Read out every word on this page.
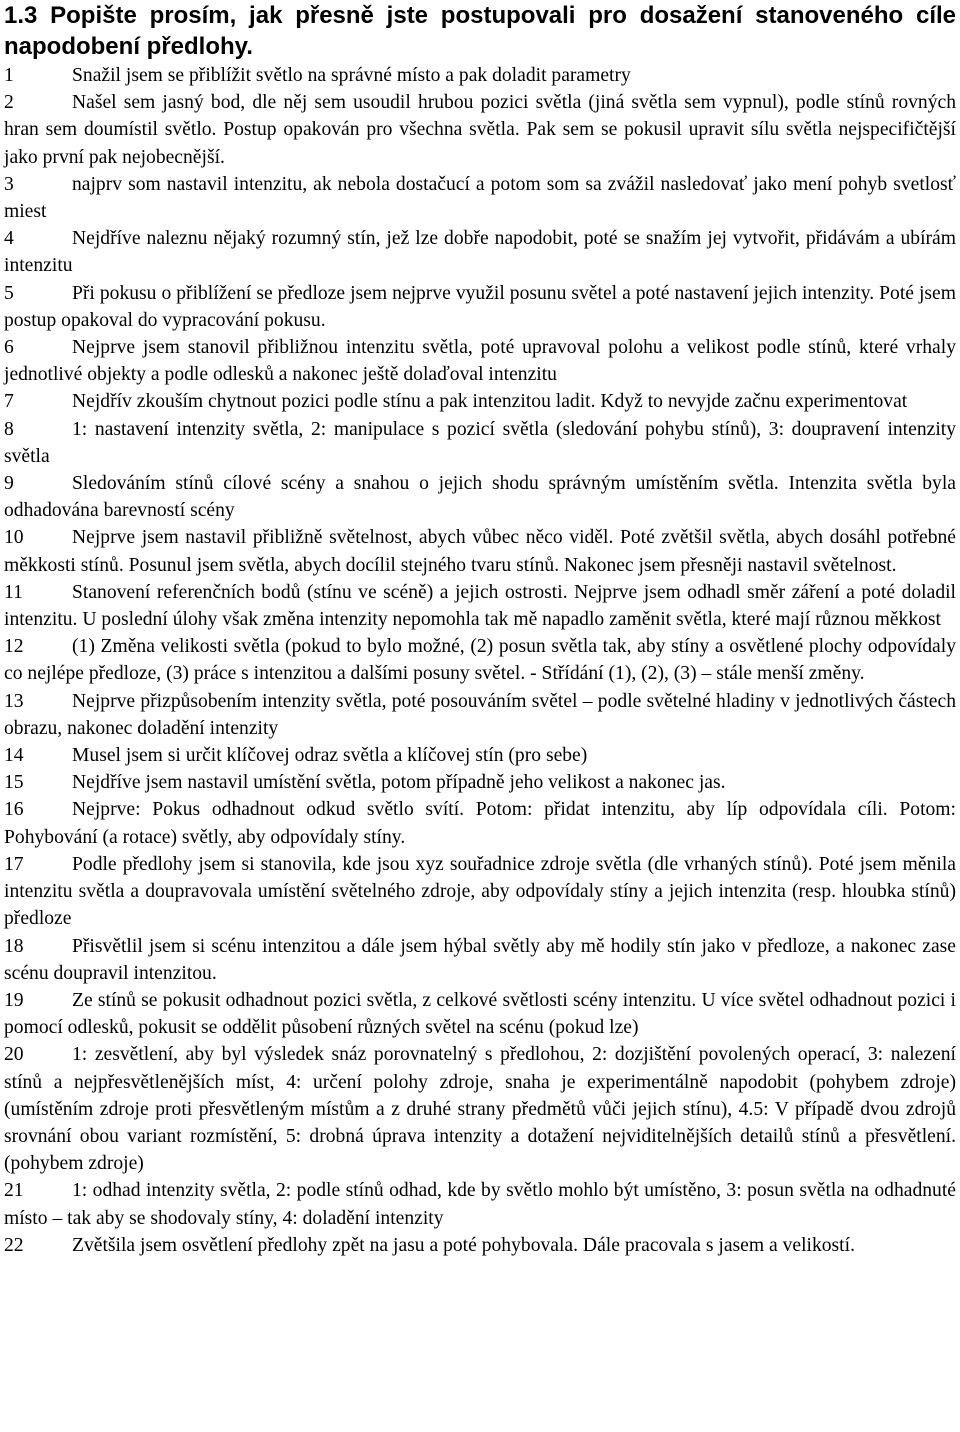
1.3 Popište prosím, jak přesně jste postupovali pro dosažení stanoveného cíle napodobení předlohy.

1	Snažil jsem se přiblížit světlo na správné místo a pak doladit parametry

2	Našel sem jasný bod, dle něj sem usoudil hrubou pozici světla (jiná světla sem vypnul), podle stínů rovných hran sem doumístil světlo. Postup opakován pro všechna světla. Pak sem se pokusil upravit sílu světla nejspecifičtější jako první pak nejobecnější.

3	najprv som nastavil intenzitu, ak nebola dostačucí a potom som sa zvážil nasledovať jako mení pohyb svetlosť miest

4	Nejdříve naleznu nějaký rozumný stín, jež lze dobře napodobit, poté se snažím jej vytvořit, přidávám a ubírám intenzitu

5	Při pokusu o přiblížení se předloze jsem nejprve využil posunu světel a poté nastavení jejich intenzity. Poté jsem postup opakoval do vypracování pokusu.

6	Nejprve jsem stanovil přibližnou intenzitu světla, poté upravoval polohu a velikost podle stínů, které vrhaly jednotlivé objekty a podle odlesků a nakonec ještě dolaďoval intenzitu

7	Nejdřív zkouším chytnout pozici podle stínu a pak intenzitou ladit. Když to nevyjde začnu experimentovat

8	1: nastavení intenzity světla, 2: manipulace s pozicí světla (sledování pohybu stínů), 3: doupravení intenzity světla

9	Sledováním stínů cílové scény a snahou o jejich shodu správným umístěním světla. Intenzita světla byla odhadována barevností scény

10 Nejprve jsem nastavil přibližně světelnost, abych vůbec něco viděl. Poté zvětšil světla, abych dosáhl potřebné měkkosti stínů. Posunul jsem světla, abych docílil stejného tvaru stínů. Nakonec jsem přesněji nastavil světelnost.

11	Stanovení referenčních bodů (stínu ve scéně) a jejich ostrosti. Nejprve jsem odhadl směr záření a poté doladil intenzitu. U poslední úlohy však změna intenzity nepomohla tak mě napadlo zaměnit světla, které mají různou měkkost

12 (1) Změna velikosti světla (pokud to bylo možné, (2) posun světla tak, aby stíny a osvětlené plochy odpovídaly co nejlépe předloze, (3) práce s intenzitou a dalšími posuny světel. - Střídání (1), (2), (3) – stále menší změny.

13 Nejprve přizpůsobením intenzity světla, poté posouváním světel – podle světelné hladiny v jednotlivých částech obrazu, nakonec doladění intenzity

14 Musel jsem si určit klíčovej odraz světla a klíčovej stín (pro sebe)

15 Nejdříve jsem nastavil umístění světla, potom případně jeho velikost a nakonec jas.

16 Nejprve: Pokus odhadnout odkud světlo svítí. Potom: přidat intenzitu, aby líp odpovídala cíli. Potom: Pohybování (a rotace) světly, aby odpovídaly stíny.

17 Podle předlohy jsem si stanovila, kde jsou xyz souřadnice zdroje světla (dle vrhaných stínů). Poté jsem měnila intenzitu světla a doupravovala umístění světelného zdroje, aby odpovídaly stíny a jejich intenzita (resp. hloubka stínů) předloze

18 Přisvětlil jsem si scénu intenzitou a dále jsem hýbal světly aby mě hodily stín jako v předloze, a nakonec zase scénu doupravil intenzitou.

19 Ze stínů se pokusit odhadnout pozici světla, z celkové světlosti scény intenzitu. U více světel odhadnout pozici i pomocí odlesků, pokusit se oddělit působení různých světel na scénu (pokud lze)

20 1: zesvětlení, aby byl výsledek snáz porovnatelný s předlohou, 2: dozjištění povolených operací, 3: nalezení stínů a nejpřesvětlenějších míst, 4: určení polohy zdroje, snaha je experimentálně napodobit (pohybem zdroje) (umístěním zdroje proti přesvětleným místům a z druhé strany předmětů vůči jejich stínu), 4.5: V případě dvou zdrojů srovnání obou variant rozmístění, 5: drobná úprava intenzity a dotažení nejviditelnějších detailů stínů a přesvětlení. (pohybem zdroje)

21 1: odhad intenzity světla, 2: podle stínů odhad, kde by světlo mohlo být umístěno, 3: posun světla na odhadnuté místo – tak aby se shodovaly stíny, 4: doladění intenzity

22 Zvětšila jsem osvětlení předlohy zpět na jasu a poté pohybovala. Dále pracovala s jasem a velikostí.
